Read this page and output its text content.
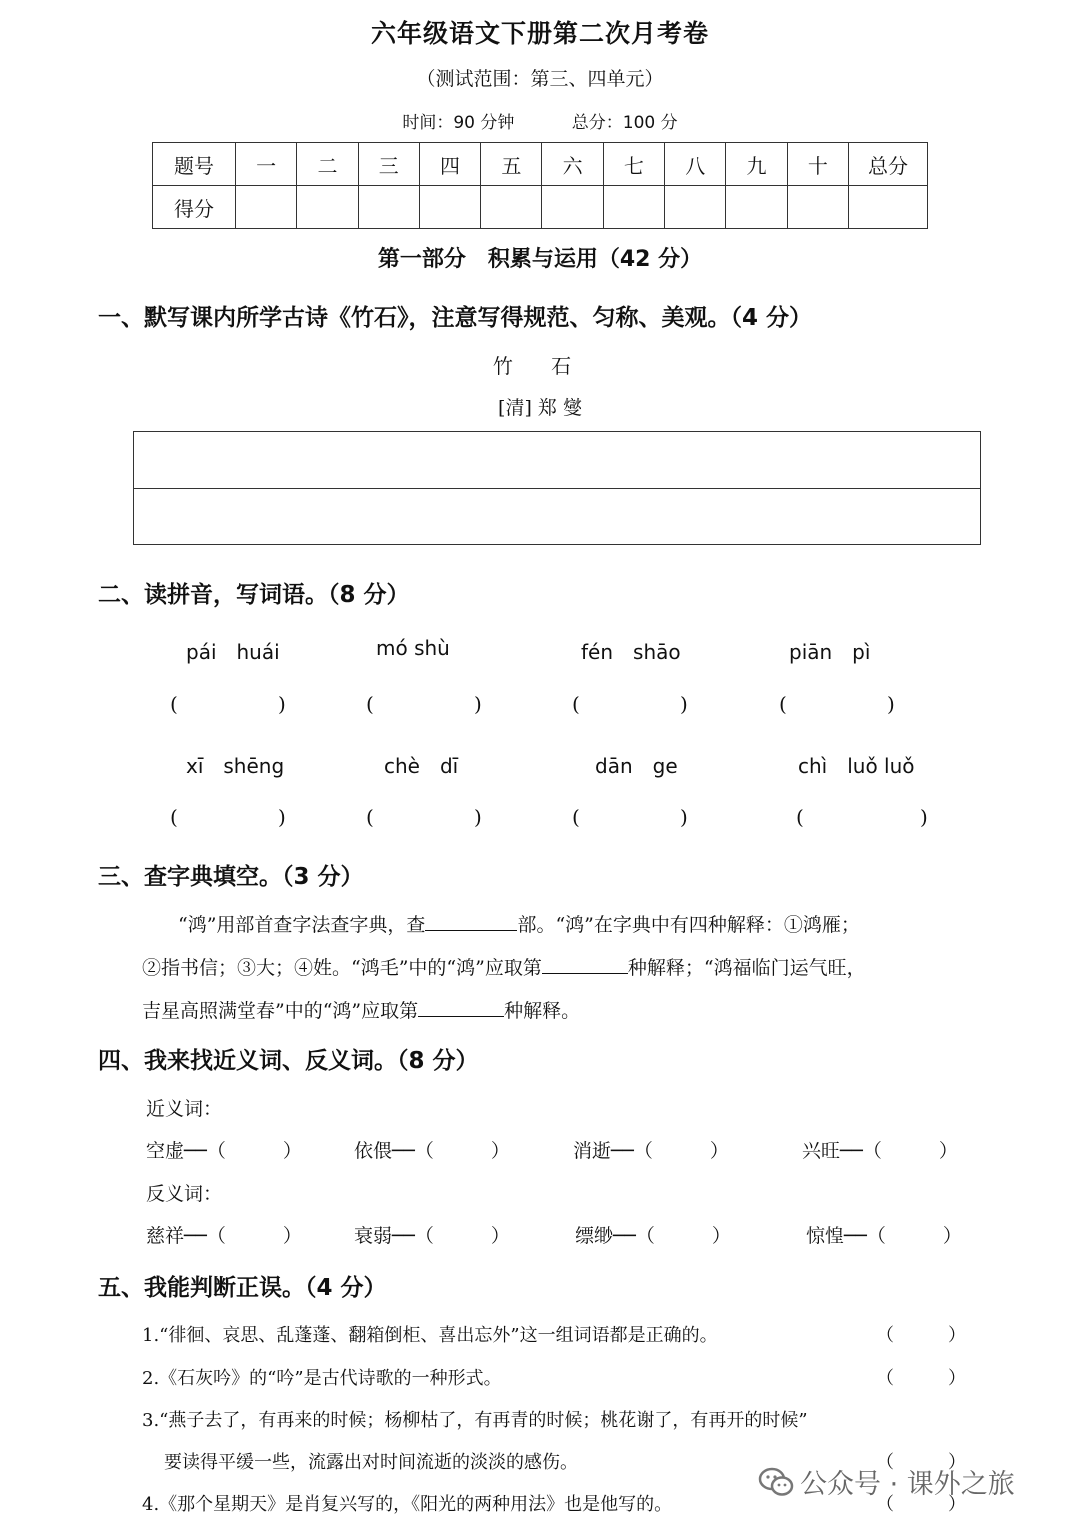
六年级语文下册第二次月考卷
（测试范围：第三、四单元）
时间：90 分钟	总分：100 分
题号	一	二	三	四	五	六	七	八	九	十	总分
得分											
第一部分　积累与运用（42 分）
一、默写课内所学古诗《竹石》，注意写得规范、匀称、美观。（4 分）
竹 石
[清] 郑 燮
二、读拼音，写词语。（8 分）
pái　huái	mó shù	fén　shāo	piān　pì
(	)	(	)	(	)	(	)
xī　shēng	chè　dī	dān　ge	chì　luǒ luǒ
(	)	(	)	(	)	(	)
三、查字典填空。（3 分）
“鸿”用部首查字法查字典，查	部。“鸿”在字典中有四种解释：①鸿雁；
②指书信；③大；④姓。“鸿毛”中的“鸿”应取第	种解释；“鸿福临门运气旺，
吉星高照满堂春”中的“鸿”应取第	种解释。
四、我来找近义词、反义词。（8 分）
近义词：
空虚──（　　　）	依偎──（　　　）	消逝──（　　　）	兴旺──（　　　）
反义词：
慈祥──（　　　）	衰弱──（　　　）	缥缈──（　　　）	惊惶──（　　　）
五、我能判断正误。（4 分）
1.“徘徊、哀思、乱蓬蓬、翻箱倒柜、喜出忘外”这一组词语都是正确的。	（　　　）
2.《石灰吟》的“吟”是古代诗歌的一种形式。	（　　　）
3.“燕子去了，有再来的时候；杨柳枯了，有再青的时候；桃花谢了，有再开的时候”
要读得平缓一些，流露出对时间流逝的淡淡的感伤。	（　　　）
4.《那个星期天》是肖复兴写的，《阳光的两种用法》也是他写的。	（　　　）
公众号 · 课外之旅
